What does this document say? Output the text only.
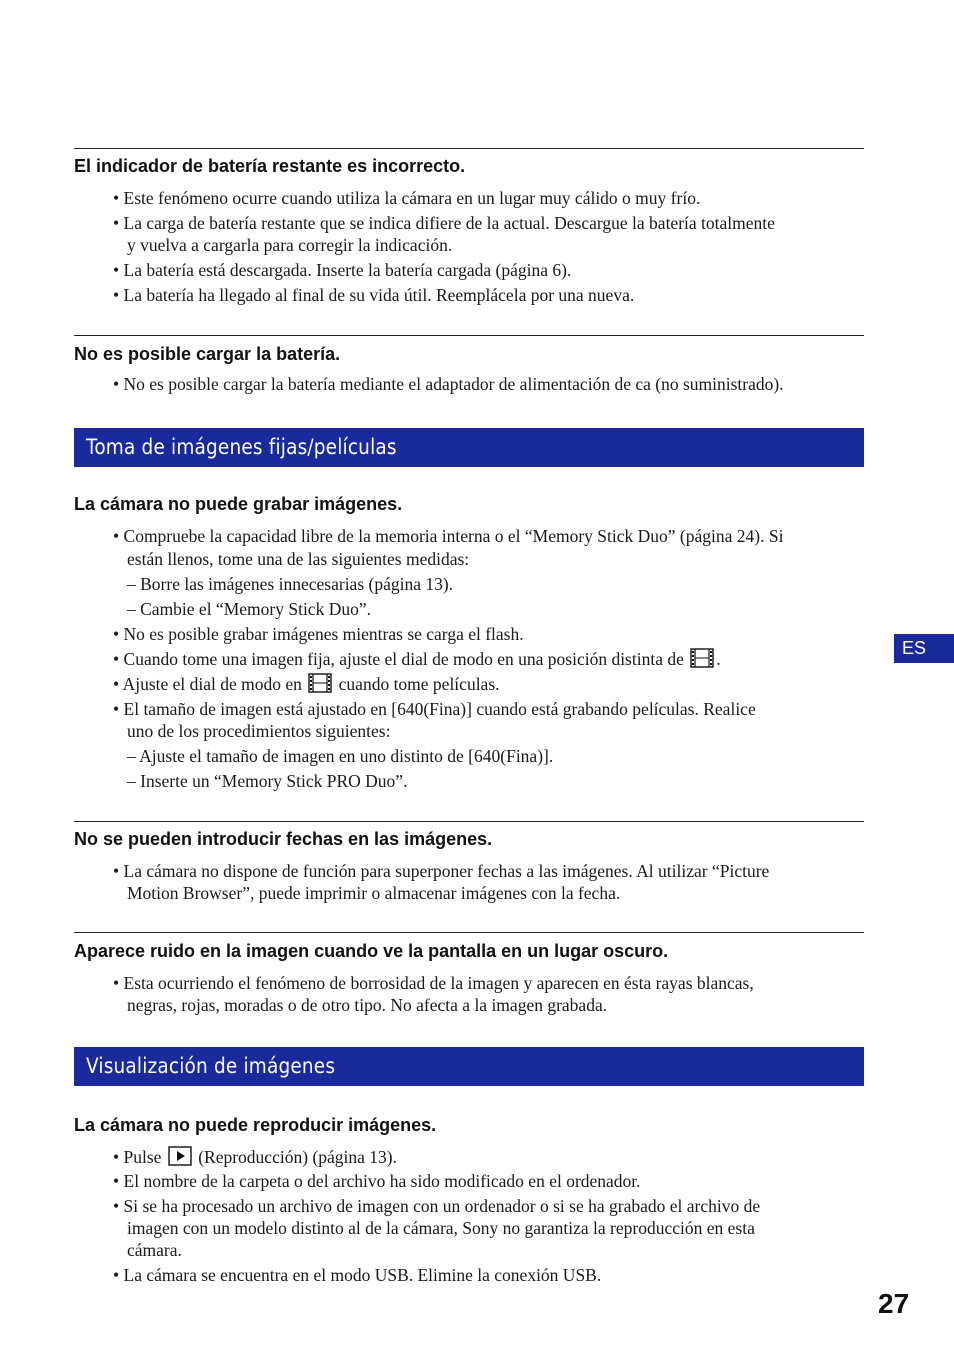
El indicador de batería restante es incorrecto.
• Este fenómeno ocurre cuando utiliza la cámara en un lugar muy cálido o muy frío.
• La carga de batería restante que se indica difiere de la actual. Descargue la batería totalmente
y vuelva a cargarla para corregir la indicación.
• La batería está descargada. Inserte la batería cargada (página 6).
• La batería ha llegado al final de su vida útil. Reemplácela por una nueva.
No es posible cargar la batería.
• No es posible cargar la batería mediante el adaptador de alimentación de ca (no suministrado).
Toma de imágenes fijas/películas
La cámara no puede grabar imágenes.
• Compruebe la capacidad libre de la memoria interna o el “Memory Stick Duo” (página 24). Si
están llenos, tome una de las siguientes medidas:
– Borre las imágenes innecesarias (página 13).
– Cambie el “Memory Stick Duo”.
• No es posible grabar imágenes mientras se carga el flash.
• Cuando tome una imagen fija, ajuste el dial de modo en una posición distinta de .
• Ajuste el dial de modo en cuando tome películas.
• El tamaño de imagen está ajustado en [640(Fina)] cuando está grabando películas. Realice
uno de los procedimientos siguientes:
– Ajuste el tamaño de imagen en uno distinto de [640(Fina)].
– Inserte un “Memory Stick PRO Duo”.
No se pueden introducir fechas en las imágenes.
• La cámara no dispone de función para superponer fechas a las imágenes. Al utilizar “Picture
Motion Browser”, puede imprimir o almacenar imágenes con la fecha.
Aparece ruido en la imagen cuando ve la pantalla en un lugar oscuro.
• Esta ocurriendo el fenómeno de borrosidad de la imagen y aparecen en ésta rayas blancas,
negras, rojas, moradas o de otro tipo. No afecta a la imagen grabada.
Visualización de imágenes
La cámara no puede reproducir imágenes.
• Pulse (Reproducción) (página 13).
• El nombre de la carpeta o del archivo ha sido modificado en el ordenador.
• Si se ha procesado un archivo de imagen con un ordenador o si se ha grabado el archivo de
imagen con un modelo distinto al de la cámara, Sony no garantiza la reproducción en esta
cámara.
• La cámara se encuentra en el modo USB. Elimine la conexión USB.
ES
27
